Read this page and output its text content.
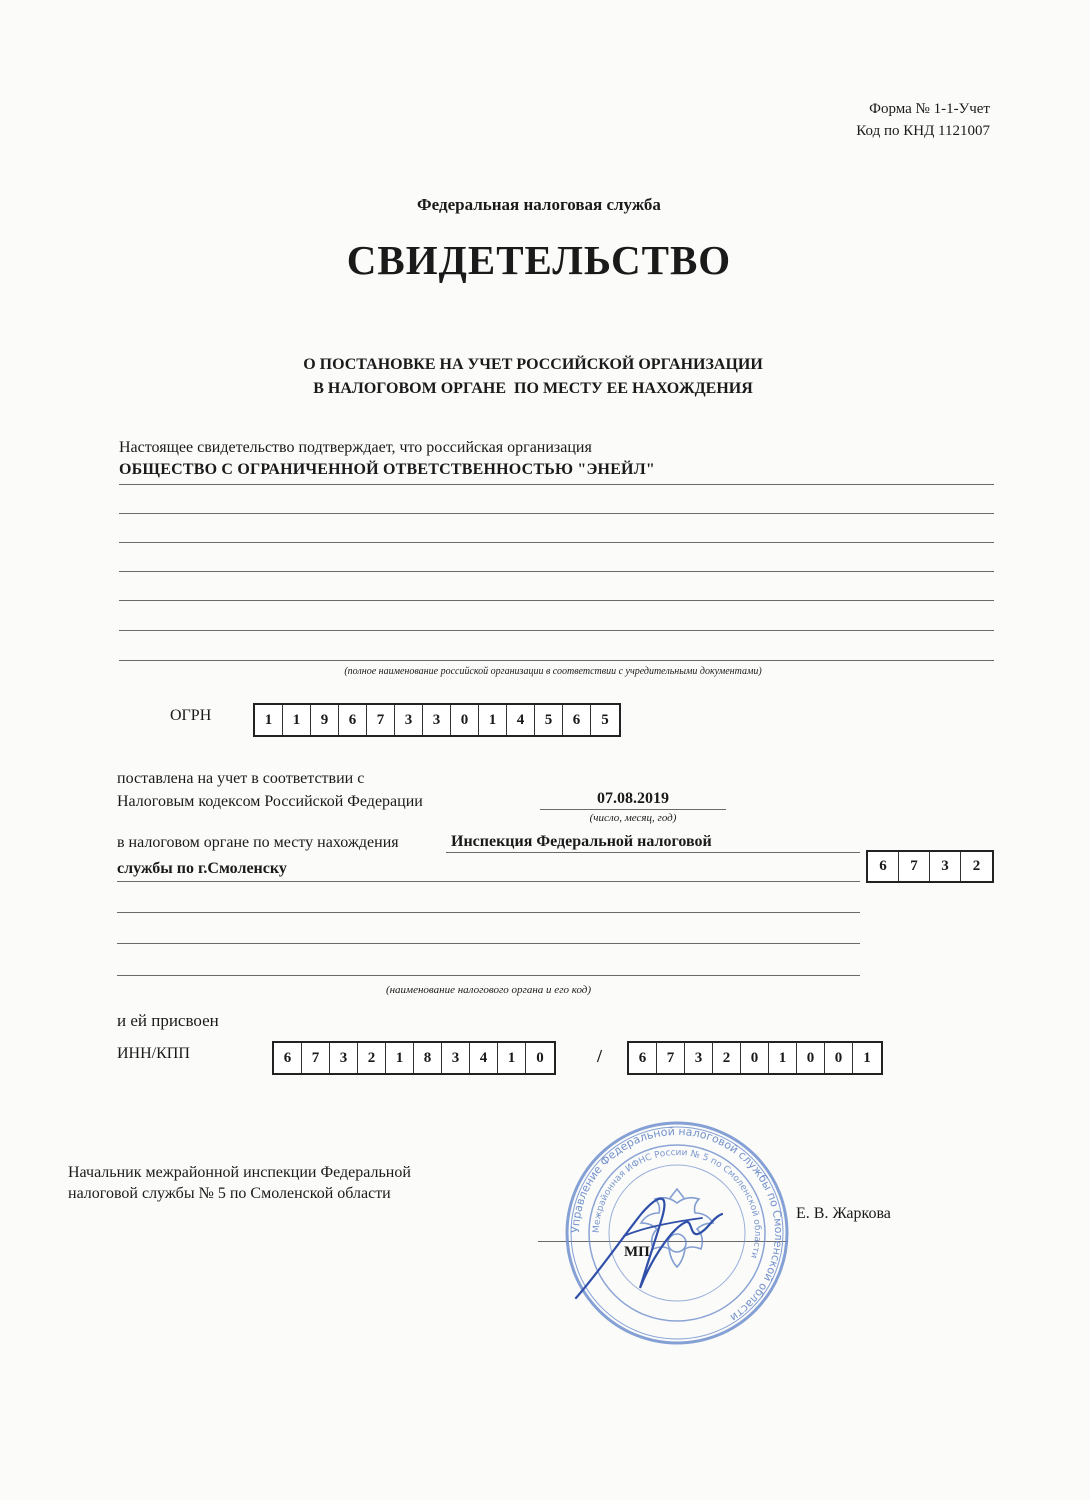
Форма № 1-1-Учет
Код по КНД 1121007
Федеральная налоговая служба
СВИДЕТЕЛЬСТВО
О ПОСТАНОВКЕ НА УЧЕТ РОССИЙСКОЙ ОРГАНИЗАЦИИ
В НАЛОГОВОМ ОРГАНЕ  ПО МЕСТУ ЕЕ НАХОЖДЕНИЯ
Настоящее свидетельство подтверждает, что российская организация
ОБЩЕСТВО С ОГРАНИЧЕННОЙ ОТВЕТСТВЕННОСТЬЮ "ЭНЕЙЛ"
(полное наименование российской организации в соответствии с учредительными документами)
ОГРН	1	1	9	6	7	3	3	0	1	4	5	6	5
поставлена на учет в соответствии с
Налоговым кодексом Российской Федерации	07.08.2019
(число, месяц, год)
в налоговом органе по месту нахождения	Инспекция Федеральной налоговой
службы по г.Смоленску
(наименование налогового органа и его код)
6	7	3	2
и ей присвоен
ИНН/КПП	6	7	3	2	1	8	3	4	1	0	/	6	7	3	2	0	1	0	0	1
Начальник межрайонной инспекции Федеральной
налоговой службы № 5 по Смоленской области
Е. В. Жаркова
Управление Федеральной налоговой службы по Смоленской области
Межрайонная ИФНС России № 5 по Смоленской области
МП
